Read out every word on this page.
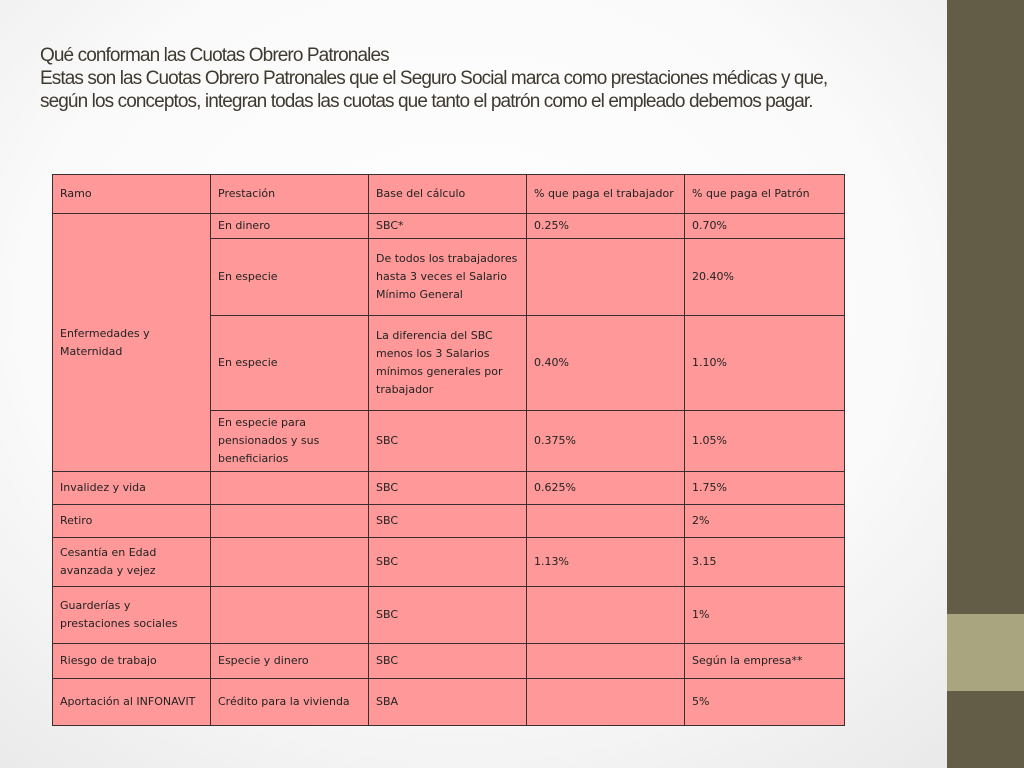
Qué conforman las Cuotas Obrero Patronales
Estas son las Cuotas Obrero Patronales que el Seguro Social marca como prestaciones médicas y que,
según los conceptos, integran todas las cuotas que tanto el patrón como el empleado debemos pagar.
Ramo	Prestación	Base del cálculo	% que paga el trabajador	% que paga el Patrón
Enfermedades y Maternidad	En dinero	SBC*	0.25%	0.70%
	En especie	De todos los trabajadores hasta 3 veces el Salario Mínimo General		20.40%
	En especie	La diferencia del SBC menos los 3 Salarios mínimos generales por trabajador	0.40%	1.10%
	En especie para pensionados y sus beneficiarios	SBC	0.375%	1.05%
Invalidez y vida		SBC	0.625%	1.75%
Retiro		SBC		2%
Cesantía en Edad avanzada y vejez		SBC	1.13%	3.15
Guarderías y prestaciones sociales		SBC		1%
Riesgo de trabajo	Especie y dinero	SBC		Según la empresa**
Aportación al INFONAVIT	Crédito para la vivienda	SBA		5%
